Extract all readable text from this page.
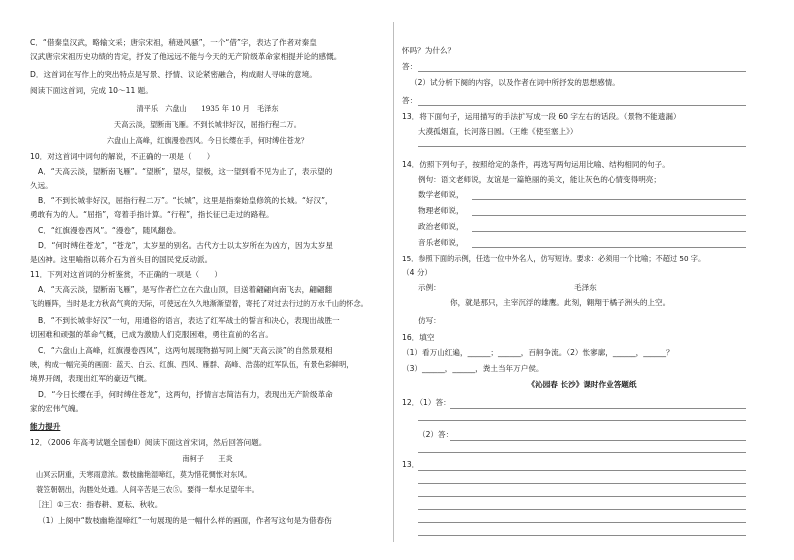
C．“借秦皇汉武，略输文采；唐宗宋祖，稍逊风骚”，一个“借”字，表达了作者对秦皇
汉武唐宗宋祖历史功绩的肯定，抒发了他远远不能与今天的无产阶级革命家相提并论的感慨。
D．这首词在写作上的突出特点是写景、抒情、议论紧密融合，构成耐人寻味的意境。
阅读下面这首词，完成 10～11 题。
清平乐　六盘山　　1935 年 10 月　毛泽东
天高云淡，望断南飞雁。不到长城非好汉，屈指行程二万。
六盘山上高峰，红旗漫卷西风。今日长缨在手，何时缚住苍龙？
10．对这首词中词句的解说，不正确的一项是（　　）
A．“天高云淡，望断南飞雁”。“望断”，望尽，望极，这一望到看不见为止了，表示望的
久远。
B．“不到长城非好汉，屈指行程二万”。“长城”，这里是指秦始皇修筑的长城。“好汉”，
勇敢有为的人。“屈指”，弯着手指计算。“行程”，指长征已走过的路程。
C．“红旗漫卷西风”。“漫卷”，随风翻卷。
D．“何时缚住苍龙”，“苍龙”，太岁星的别名。古代方士以太岁所在为凶方，因为太岁星
是凶神。这里喻指以蒋介石为首头目的国民党反动派。
11．下列对这首词的分析鉴赏，不正确的一项是（　　）
A．“天高云淡，望断南飞雁”，是写作者伫立在六盘山顶，目送着翩翩向南飞去，翩翩翻
飞的雁阵，当时是北方秋高气爽的天际，可使远在久久地渐渐望着，寄托了对过去行过的万水千山的怀念。
B．“不到长城非好汉”一句，用通俗的语言，表达了红军战士的誓言和决心，表现出战胜一
切困难和顽强的革命气概，已成为激励人们克服困难，勇往直前的名言。
C．“六盘山上高峰，红旗漫卷西风”，这两句展现物描写同上阕“天高云淡”的自然景观相
映，构成一幅完美的画面：蓝天、白云、红旗、西风、雁群、高峰、浩荡的红军队伍，有景色彩鲜明，
境界开阔，表现出红军的豪迈气概。
D．“今日长缨在手，何时缚住苍龙”，这两句，抒情言志简洁有力，表现出无产阶级革命
家的宏伟气魄。
能力提升
12．（2006 年高考试题全国卷Ⅱ）阅读下面这首宋词，然后回答问题。
南柯子　　王炎
山冥云阴重，天寒雨意浓。数枝幽艳湿啼红，莫为惜花惆怅对东风。
蓑笠朝朝出，沟塍处处通。人间辛苦是三农⑤。要得一犁水足望年丰。
［注］①三农：指春耕、夏耘、秋收。
（1）上阕中“数枝幽艳湿啼红”一句展现的是一幅什么样的画面，作者写这句是为借春伤
怀吗？为什么？
答：
（2）试分析下阕的内容，以及作者在词中所抒发的思想感情。
答：
13．将下面句子，运用描写的手法扩写成一段 60 字左右的话段。（景物不能遗漏）
大漠孤烟直，长河落日圆。（王维《使至塞上》）
14．仿照下列句子，按照给定的条件，再选写两句运用比喻、结构相同的句子。
例句：语文老师说，友谊是一篇艳丽的美文，能让灰色的心情变得明亮；
数学老师说，
物理老师说，
政治老师说，
音乐老师说，
15．参照下面的示例，任选一位中外名人，仿写短诗。要求：必须用一个比喻；不超过 50 字。
（4 分）
示例：	毛泽东
你，就是那只，主宰沉浮的雄鹰。此刻，翱翔于橘子洲头的上空。
仿写：
16．填空
（1）看万山红遍，______；______，百舸争流。（2）怅寥廓，______，______？
（3）______，______，粪土当年万户侯。
《沁园春 长沙》课时作业答题纸
12．（1）答：
（2）答：
13．
